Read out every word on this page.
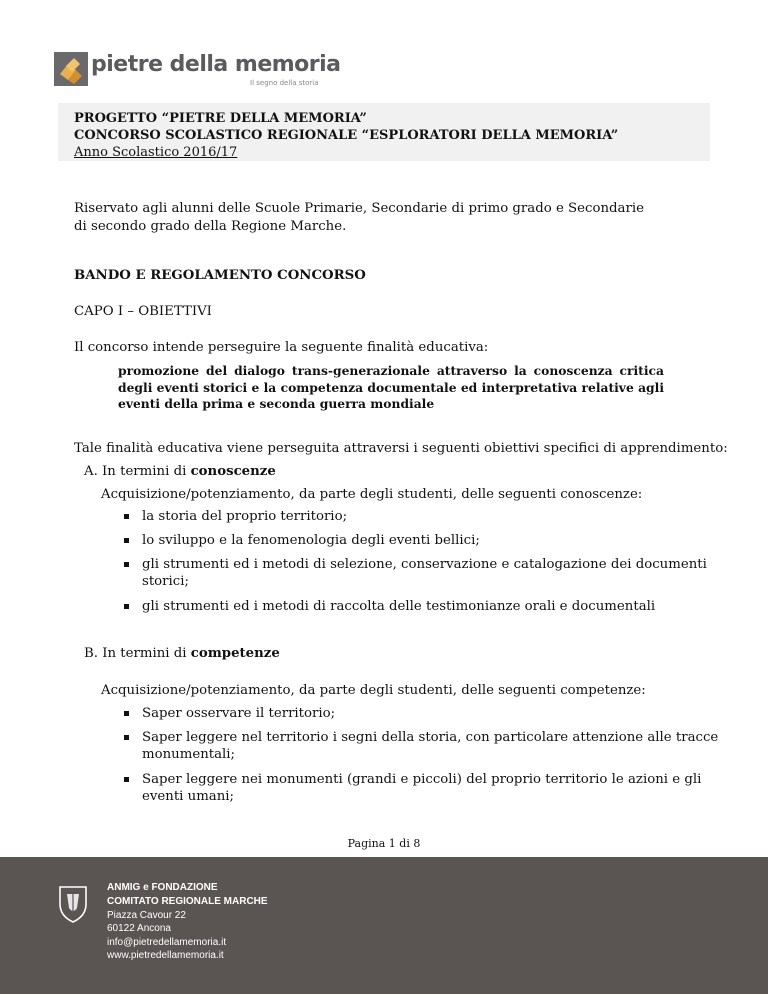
pietre della memoria
Il segno della storia
PROGETTO “PIETRE DELLA MEMORIA”
CONCORSO SCOLASTICO REGIONALE “ESPLORATORI DELLA MEMORIA”
Anno Scolastico 2016/17
Riservato agli alunni delle Scuole Primarie, Secondarie di primo grado e Secondarie
di secondo grado della Regione Marche.
BANDO E REGOLAMENTO CONCORSO
CAPO I – OBIETTIVI
Il concorso intende perseguire la seguente finalità educativa:
promozione del dialogo trans-generazionale attraverso la conoscenza critica degli eventi storici e la competenza documentale ed interpretativa relative agli eventi della prima e seconda guerra mondiale
Tale finalità educativa viene perseguita attraversi i seguenti obiettivi specifici di apprendimento:
A. In termini di conoscenze
Acquisizione/potenziamento, da parte degli studenti, delle seguenti conoscenze:
la storia del proprio territorio;
lo sviluppo e la fenomenologia degli eventi bellici;
gli strumenti ed i metodi di selezione, conservazione e catalogazione dei documenti
storici;
gli strumenti ed i metodi di raccolta delle testimonianze orali e documentali
B. In termini di competenze
Acquisizione/potenziamento, da parte degli studenti, delle seguenti competenze:
Saper osservare il territorio;
Saper leggere nel territorio i segni della storia, con particolare attenzione alle tracce
monumentali;
Saper leggere nei monumenti (grandi e piccoli) del proprio territorio le azioni e gli
eventi umani;
Pagina 1 di 8
ANMIG e FONDAZIONE
COMITATO REGIONALE MARCHE
Piazza Cavour 22
60122 Ancona
info@pietredellamemoria.it
www.pietredellamemoria.it
